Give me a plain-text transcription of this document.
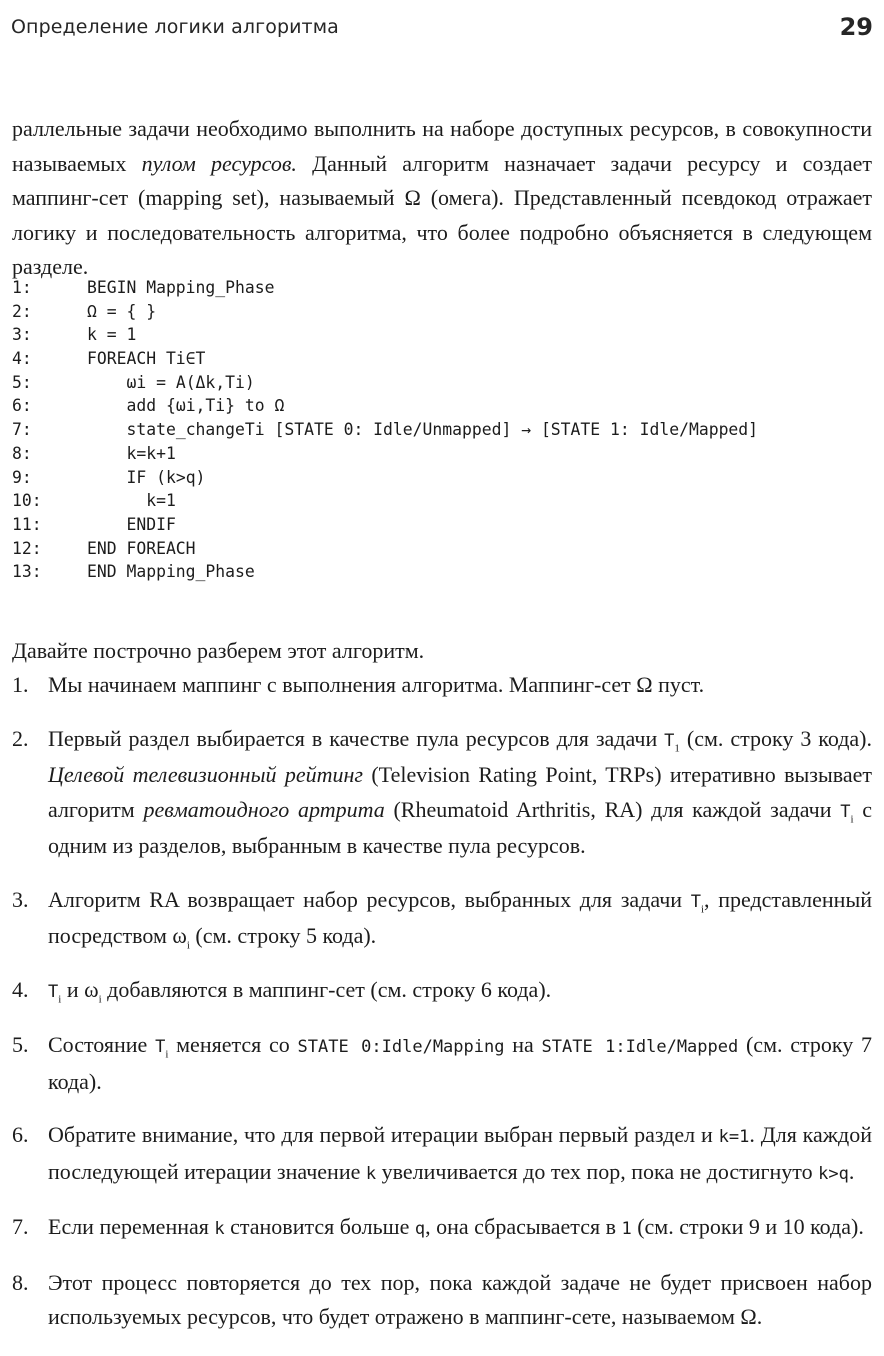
Определение логики алгоритма	29

раллельные задачи необходимо выполнить на наборе доступных ресурсов, в совокупности называемых пулом ресурсов. Данный алгоритм назначает задачи ресурсу и создает маппинг-сет (mapping set), называемый Ω (омега). Представленный псевдокод отражает логику и последовательность алгоритма, что более подробно объясняется в следующем разделе.

1:	BEGIN Mapping_Phase
2:	Ω = { }
3:	k = 1
4:	FOREACH Ti∈T
5:	ωi = A(Δk,Ti)
6:	add {ωi,Ti} to Ω
7:	state_changeTi [STATE 0: Idle/Unmapped] → [STATE 1: Idle/Mapped]
8:	k=k+1
9:	IF (k>q)
10:	k=1
11:	ENDIF
12:	END FOREACH
13:	END Mapping_Phase

Давайте построчно разберем этот алгоритм.

1. Мы начинаем маппинг с выполнения алгоритма. Маппинг-сет Ω пуст.
2. Первый раздел выбирается в качестве пула ресурсов для задачи $T_1$ (см. строку 3 кода). Целевой телевизионный рейтинг (Television Rating Point, TRPs) итеративно вызывает алгоритм ревматоидного артрита (Rheumatoid Arthritis, RA) для каждой задачи $T_i$ с одним из разделов, выбранным в качестве пула ресурсов.
3. Алгоритм RA возвращает набор ресурсов, выбранных для задачи $T_i$, представленный посредством $\omega_i$ (см. строку 5 кода).
4. $T_i$ и $\omega_i$ добавляются в маппинг-сет (см. строку 6 кода).
5. Состояние $T_i$ меняется со STATE 0:Idle/Mapping на STATE 1:Idle/Mapped (см. строку 7 кода).
6. Обратите внимание, что для первой итерации выбран первый раздел и k=1. Для каждой последующей итерации значение k увеличивается до тех пор, пока не достигнуто k>q.
7. Если переменная k становится больше q, она сбрасывается в 1 (см. строки 9 и 10 кода).
8. Этот процесс повторяется до тех пор, пока каждой задаче не будет присвоен набор используемых ресурсов, что будет отражено в маппинг-сете, называемом Ω.
